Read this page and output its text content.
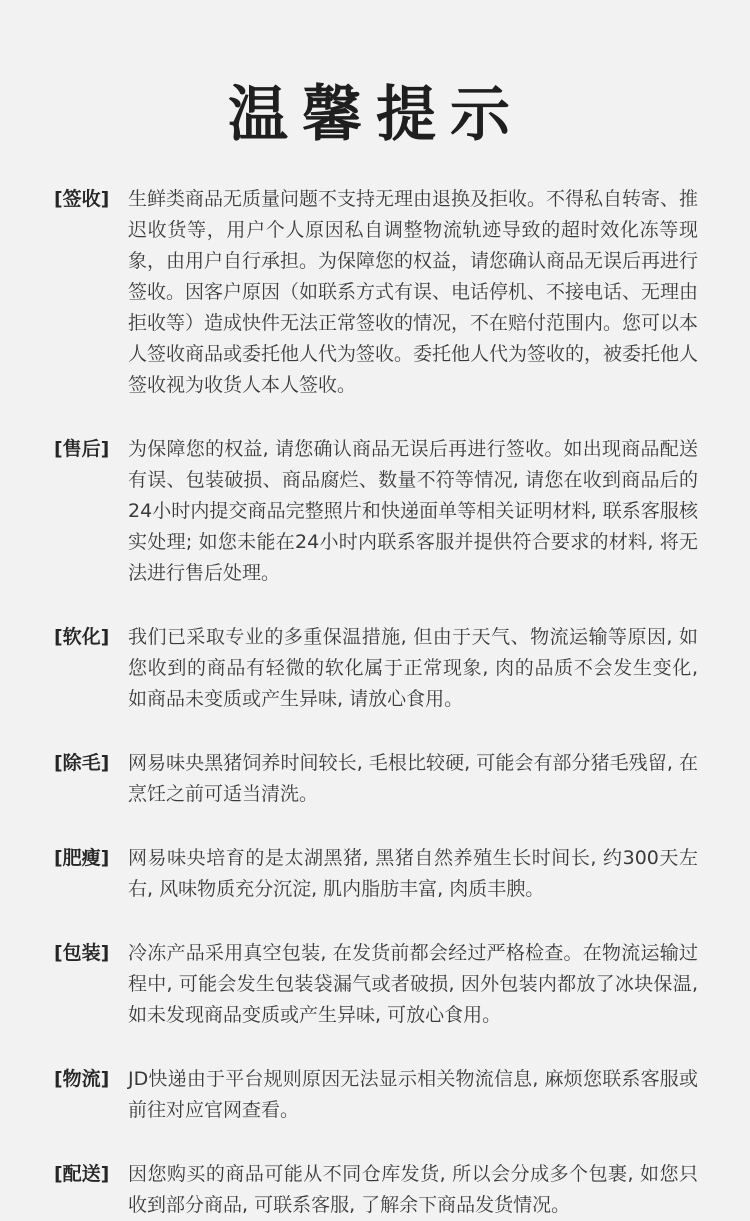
温馨提示
[签收] 生鲜类商品无质量问题不支持无理由退换及拒收。不得私自转寄、推迟收货等，用户个人原因私自调整物流轨迹导致的超时效化冻等现象，由用户自行承担。为保障您的权益，请您确认商品无误后再进行签收。因客户原因（如联系方式有误、电话停机、不接电话、无理由拒收等）造成快件无法正常签收的情况，不在赔付范围内。您可以本人签收商品或委托他人代为签收。委托他人代为签收的，被委托他人签收视为收货人本人签收。
[售后] 为保障您的权益, 请您确认商品无误后再进行签收。如出现商品配送有误、包装破损、商品腐烂、数量不符等情况, 请您在收到商品后的24小时内提交商品完整照片和快递面单等相关证明材料, 联系客服核实处理; 如您未能在24小时内联系客服并提供符合要求的材料, 将无法进行售后处理。
[软化] 我们已采取专业的多重保温措施, 但由于天气、物流运输等原因, 如您收到的商品有轻微的软化属于正常现象, 肉的品质不会发生变化, 如商品未变质或产生异味, 请放心食用。
[除毛] 网易味央黑猪饲养时间较长, 毛根比较硬, 可能会有部分猪毛残留, 在烹饪之前可适当清洗。
[肥瘦] 网易味央培育的是太湖黑猪, 黑猪自然养殖生长时间长, 约300天左右, 风味物质充分沉淀, 肌内脂肪丰富, 肉质丰腴。
[包装] 冷冻产品采用真空包装, 在发货前都会经过严格检查。在物流运输过程中, 可能会发生包装袋漏气或者破损, 因外包装内都放了冰块保温, 如未发现商品变质或产生异味, 可放心食用。
[物流] JD快递由于平台规则原因无法显示相关物流信息, 麻烦您联系客服或前往对应官网查看。
[配送] 因您购买的商品可能从不同仓库发货, 所以会分成多个包裹, 如您只收到部分商品, 可联系客服, 了解余下商品发货情况。
